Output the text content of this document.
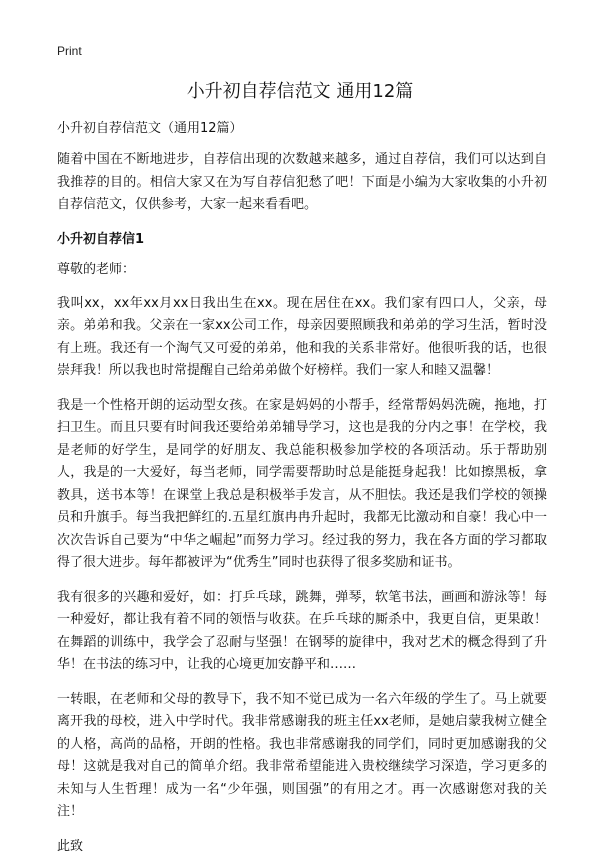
Print
小升初自荐信范文 通用12篇
小升初自荐信范文（通用12篇）
随着中国在不断地进步，自荐信出现的次数越来越多，通过自荐信，我们可以达到自我推荐的目的。相信大家又在为写自荐信犯愁了吧！下面是小编为大家收集的小升初自荐信范文，仅供参考，大家一起来看看吧。
小升初自荐信1
尊敬的老师：
我叫xx，xx年xx月xx日我出生在xx。现在居住在xx。我们家有四口人，父亲，母亲。弟弟和我。父亲在一家xx公司工作，母亲因要照顾我和弟弟的学习生活，暂时没有上班。我还有一个淘气又可爱的弟弟，他和我的关系非常好。他很听我的话，也很崇拜我！所以我也时常提醒自己给弟弟做个好榜样。我们一家人和睦又温馨！
我是一个性格开朗的运动型女孩。在家是妈妈的小帮手，经常帮妈妈洗碗，拖地，打扫卫生。而且只要有时间我还要给弟弟辅导学习，这也是我的分内之事！在学校，我是老师的好学生，是同学的好朋友、我总能积极参加学校的各项活动。乐于帮助别人，我是的一大爱好，每当老师，同学需要帮助时总是能挺身起我！比如擦黑板，拿教具，送书本等！在课堂上我总是积极举手发言，从不胆怯。我还是我们学校的领操员和升旗手。每当我把鲜红的.五星红旗冉冉升起时，我都无比激动和自豪！我心中一次次告诉自己要为“中华之崛起”而努力学习。经过我的努力，我在各方面的学习都取得了很大进步。每年都被评为“优秀生”同时也获得了很多奖励和证书。
我有很多的兴趣和爱好，如：打乒乓球，跳舞，弹琴，软笔书法，画画和游泳等！每一种爱好，都让我有着不同的领悟与收获。在乒乓球的厮杀中，我更自信，更果敢！在舞蹈的训练中，我学会了忍耐与坚强！在钢琴的旋律中，我对艺术的概念得到了升华！在书法的练习中，让我的心境更加安静平和……
一转眼，在老师和父母的教导下，我不知不觉已成为一名六年级的学生了。马上就要离开我的母校，进入中学时代。我非常感谢我的班主任xx老师，是她启蒙我树立健全的人格，高尚的品格，开朗的性格。我也非常感谢我的同学们，同时更加感谢我的父母！这就是我对自己的简单介绍。我非常希望能进入贵校继续学习深造，学习更多的未知与人生哲理！成为一名“少年强，则国强”的有用之才。再一次感谢您对我的关注！
此致
